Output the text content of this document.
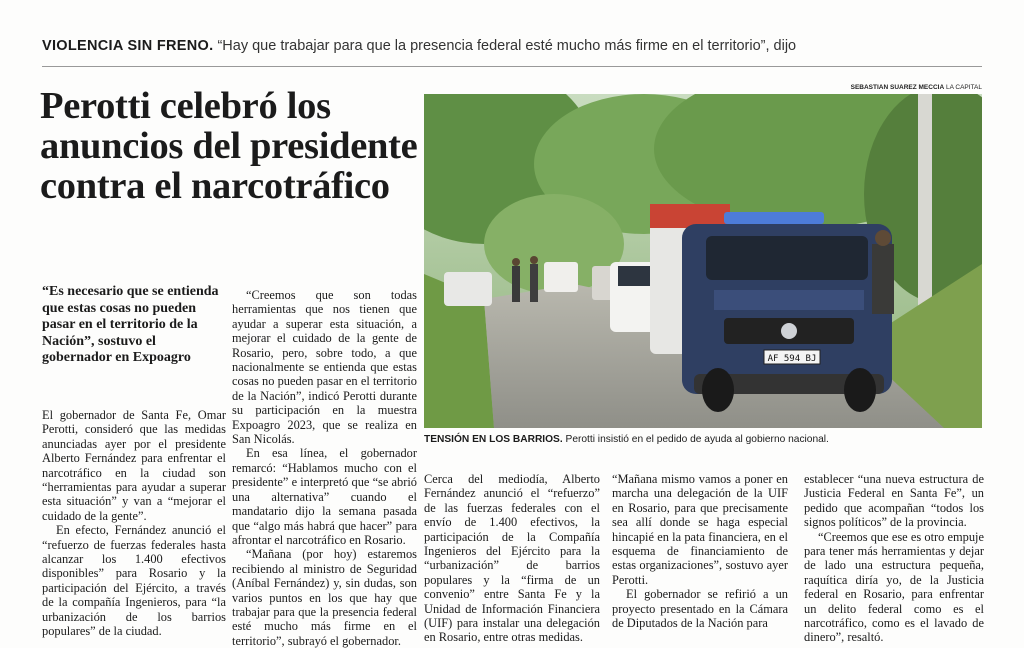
VIOLENCIA SIN FRENO. “Hay que trabajar para que la presencia federal esté mucho más firme en el territorio”, dijo
Perotti celebró los anuncios del presidente contra el narcotráfico

“Es necesario que se entienda que estas cosas no pueden pasar en el territorio de la Nación”, sostuvo el gobernador en Expoagro

El gobernador de Santa Fe, Omar Perotti, consideró que las medidas anunciadas ayer por el presidente Alberto Fernández para enfrentar el narcotráfico en la ciudad son “herramientas para ayudar a superar esta situación” y van a “mejorar el cuidado de la gente”.

En efecto, Fernández anunció el “refuerzo de fuerzas federales hasta alcanzar los 1.400 efectivos disponibles” para Rosario y la participación del Ejército, a través de la compañía Ingenieros, para “la urbanización de los barrios populares” de la ciudad.

“Creemos que son todas herramientas que nos tienen que ayudar a superar esta situación, a mejorar el cuidado de la gente de Rosario, pero, sobre todo, a que nacionalmente se entienda que estas cosas no pueden pasar en el territorio de la Nación”, indicó Perotti durante su participación en la muestra Expoagro 2023, que se realiza en San Nicolás.

En esa línea, el gobernador remarcó: “Hablamos mucho con el presidente” e interpretó que “se abrió una alternativa” cuando el mandatario dijo la semana pasada que “algo más habrá que hacer” para afrontar el narcotráfico en Rosario.

“Mañana (por hoy) estaremos recibiendo al ministro de Seguridad (Aníbal Fernández) y, sin dudas, son varios puntos en los que hay que trabajar para que la presencia federal esté mucho más firme en el territorio”, subrayó el gobernador.

SEBASTIAN SUAREZ MECCIA LA CAPITAL
AF 594 BJ
TENSIÓN EN LOS BARRIOS. Perotti insistió en el pedido de ayuda al gobierno nacional.

Cerca del mediodía, Alberto Fernández anunció el “refuerzo” de las fuerzas federales con el envío de 1.400 efectivos, la participación de la Compañía Ingenieros del Ejército para la “urbanización” de barrios populares y la “firma de un convenio” entre Santa Fe y la Unidad de Información Financiera (UIF) para instalar una delegación en Rosario, entre otras medidas.

“Mañana mismo vamos a poner en marcha una delegación de la UIF en Rosario, para que precisamente sea allí donde se haga especial hincapié en la pata financiera, en el esquema de financiamiento de estas organizaciones”, sostuvo ayer Perotti.

El gobernador se refirió a un proyecto presentado en la Cámara de Diputados de la Nación para

establecer “una nueva estructura de Justicia Federal en Santa Fe”, un pedido que acompañan “todos los signos políticos” de la provincia.

“Creemos que ese es otro empuje para tener más herramientas y dejar de lado una estructura pequeña, raquítica diría yo, de la Justicia federal en Rosario, para enfrentar un delito federal como es el narcotráfico, como es el lavado de dinero”, resaltó.
